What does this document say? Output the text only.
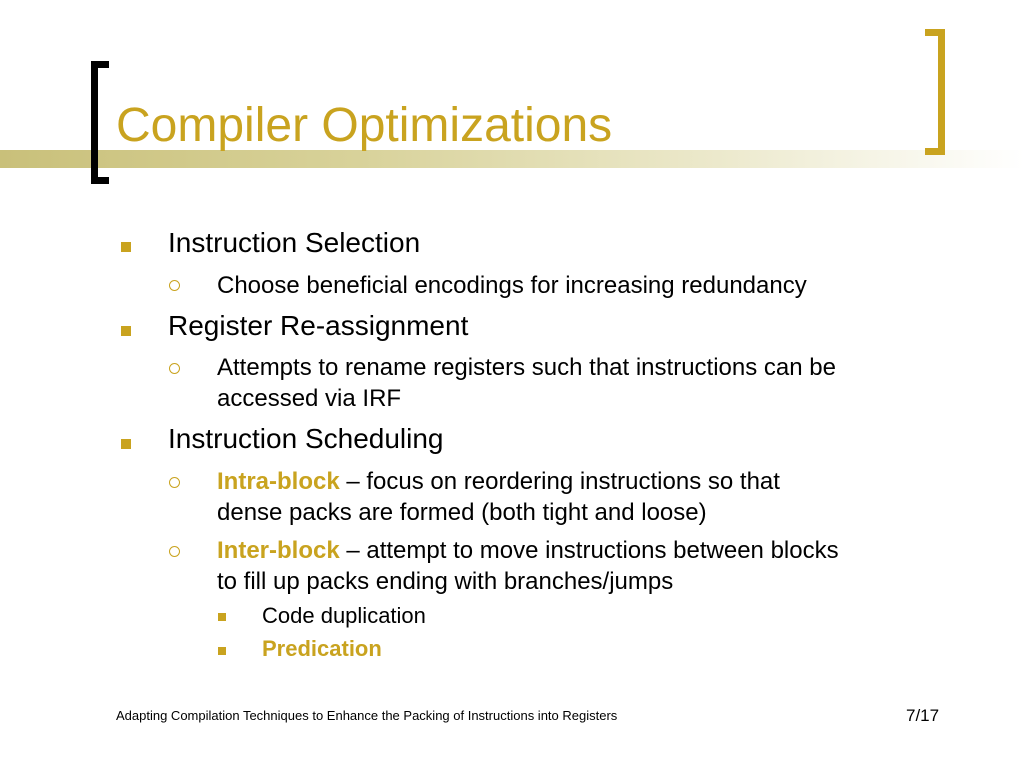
Compiler Optimizations
Instruction Selection
Choose beneficial encodings for increasing redundancy
Register Re-assignment
Attempts to rename registers such that instructions can be
accessed via IRF
Instruction Scheduling
Intra-block – focus on reordering instructions so that
dense packs are formed (both tight and loose)
Inter-block – attempt to move instructions between blocks
to fill up packs ending with branches/jumps
Code duplication
Predication
Adapting Compilation Techniques to Enhance the Packing of Instructions into Registers	7/17
